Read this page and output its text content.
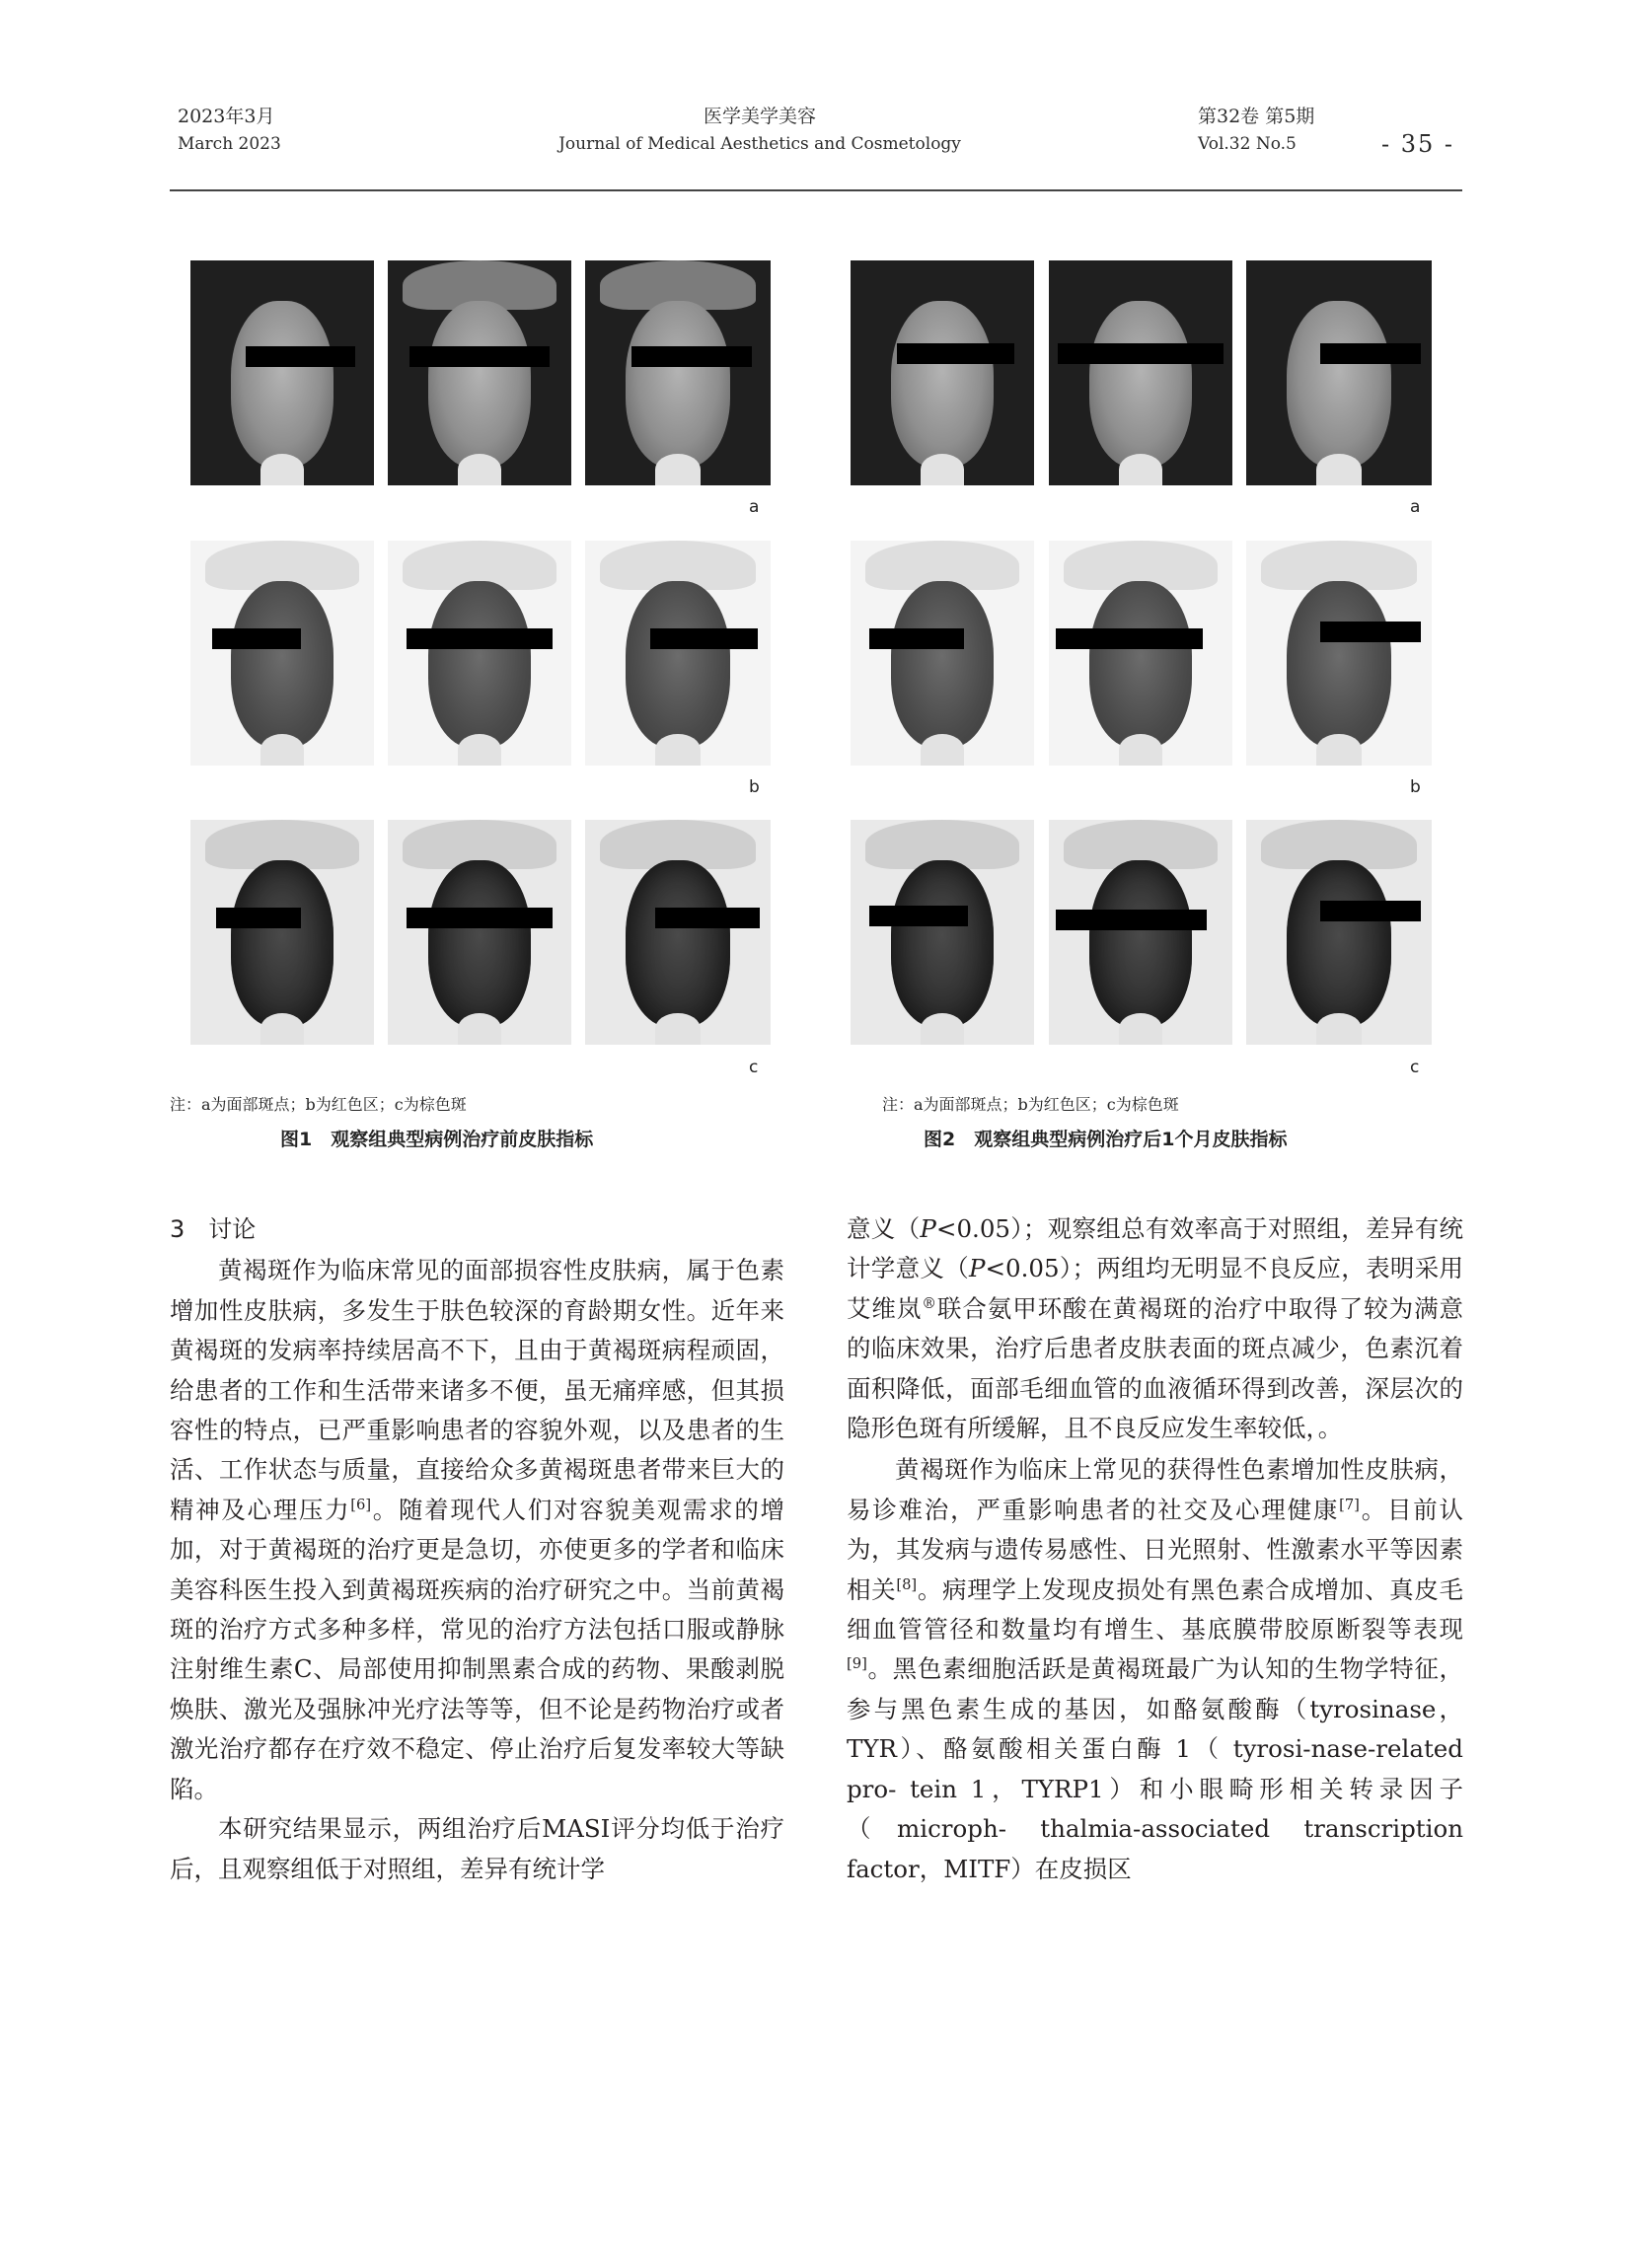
2023年3月
March 2023
医学美学美容
Journal of Medical Aesthetics and Cosmetology
第32卷 第5期
Vol.32 No.5	- 35 -
a
b
c
注：a为面部斑点；b为红色区；c为棕色斑
图1　观察组典型病例治疗前皮肤指标
a
b
c
注：a为面部斑点；b为红色区；c为棕色斑
图2　观察组典型病例治疗后1个月皮肤指标
3　讨论

黄褐斑作为临床常见的面部损容性皮肤病，属于色素增加性皮肤病，多发生于肤色较深的育龄期女性。近年来黄褐斑的发病率持续居高不下，且由于黄褐斑病程顽固，给患者的工作和生活带来诸多不便，虽无痛痒感，但其损容性的特点，已严重影响患者的容貌外观，以及患者的生活、工作状态与质量，直接给众多黄褐斑患者带来巨大的精神及心理压力[6]。随着现代人们对容貌美观需求的增加，对于黄褐斑的治疗更是急切，亦使更多的学者和临床美容科医生投入到黄褐斑疾病的治疗研究之中。当前黄褐斑的治疗方式多种多样，常见的治疗方法包括口服或静脉注射维生素C、局部使用抑制黑素合成的药物、果酸剥脱焕肤、激光及强脉冲光疗法等等，但不论是药物治疗或者激光治疗都存在疗效不稳定、停止治疗后复发率较大等缺陷。

本研究结果显示，两组治疗后MASI评分均低于治疗后，且观察组低于对照组，差异有统计学

意义（P<0.05）；观察组总有效率高于对照组，差异有统计学意义（P<0.05）；两组均无明显不良反应，表明采用艾维岚®联合氨甲环酸在黄褐斑的治疗中取得了较为满意的临床效果，治疗后患者皮肤表面的斑点减少，色素沉着面积降低，面部毛细血管的血液循环得到改善，深层次的隐形色斑有所缓解，且不良反应发生率较低，。

黄褐斑作为临床上常见的获得性色素增加性皮肤病，易诊难治，严重影响患者的社交及心理健康[7]。目前认为，其发病与遗传易感性、日光照射、性激素水平等因素相关[8]。病理学上发现皮损处有黑色素合成增加、真皮毛细血管管径和数量均有增生、基底膜带胶原断裂等表现[9]。黑色素细胞活跃是黄褐斑最广为认知的生物学特征，参与黑色素生成的基因，如酪氨酸酶（tyrosinase，TYR）、酪氨酸相关蛋白酶 1（ tyrosi-nase-related pro- tein 1，TYRP1）和小眼畸形相关转录因子（microph- thalmia-associated transcription factor，MITF）在皮损区
